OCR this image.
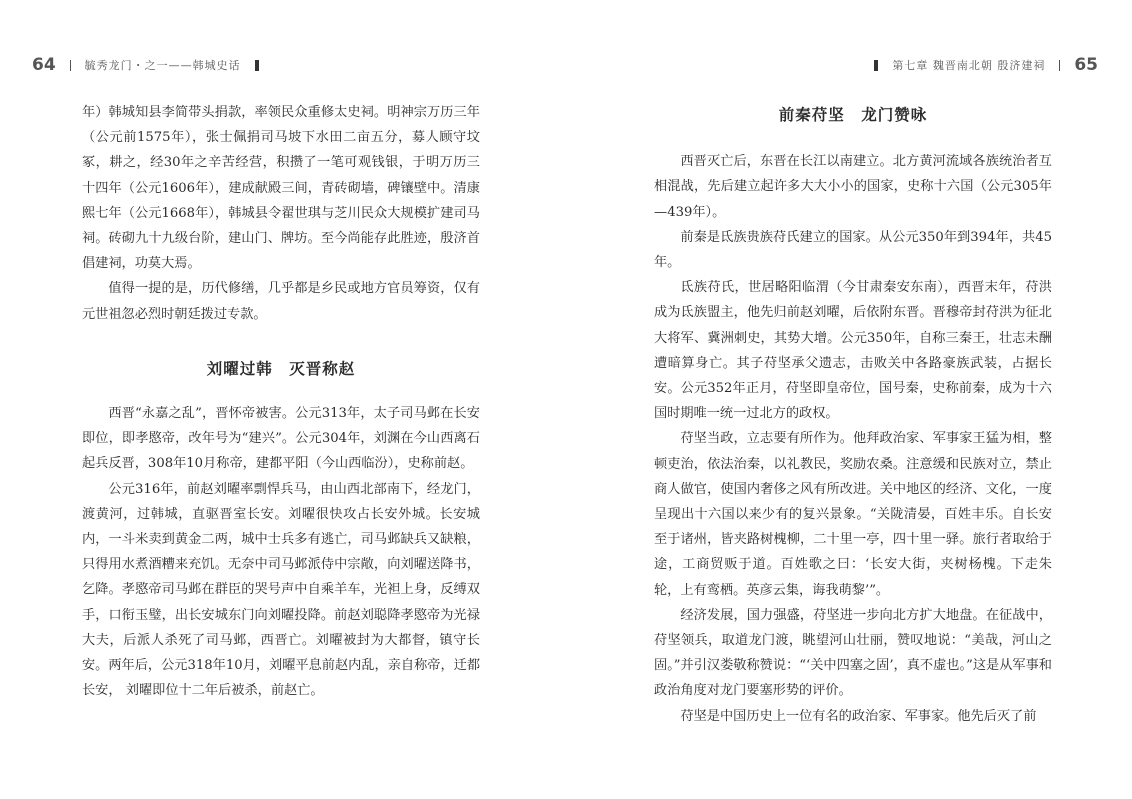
64	毓秀龙门・之一——韩城史话

年）韩城知县李简带头捐款，率领民众重修太史祠。明神宗万历三年（公元前1575年），张士佩捐司马坡下水田二亩五分，募人顾守坟冢，耕之，经30年之辛苦经营，积攒了一笔可观钱银，于明万历三十四年（公元1606年），建成献殿三间，青砖砌墙，碑镶壁中。清康熙七年（公元1668年），韩城县令翟世琪与芝川民众大规模扩建司马祠。砖砌九十九级台阶，建山门、牌坊。至今尚能存此胜迹，殷济首倡建祠，功莫大焉。

值得一提的是，历代修缮，几乎都是乡民或地方官员筹资，仅有元世祖忽必烈时朝廷拨过专款。

刘曜过韩　灭晋称赵

西晋“永嘉之乱”，晋怀帝被害。公元313年，太子司马邺在长安即位，即孝愍帝，改年号为“建兴”。公元304年，刘渊在今山西离石起兵反晋，308年10月称帝，建都平阳（今山西临汾），史称前赵。

公元316年，前赵刘曜率剽悍兵马，由山西北部南下，经龙门，渡黄河，过韩城，直驱晋室长安。刘曜很快攻占长安外城。长安城内，一斗米卖到黄金二两，城中士兵多有逃亡，司马邺缺兵又缺粮，只得用水煮酒糟来充饥。无奈中司马邺派侍中宗敞，向刘曜送降书，乞降。孝愍帝司马邺在群臣的哭号声中自乘羊车，光袒上身，反缚双手，口衔玉璧，出长安城东门向刘曜投降。前赵刘聪降孝愍帝为光禄大夫，后派人杀死了司马邺，西晋亡。刘曜被封为大都督，镇守长安。两年后，公元318年10月，刘曜平息前赵内乱，亲自称帝，迁都长安， 刘曜即位十二年后被杀，前赵亡。

第七章 魏晋南北朝 殷济建祠 65

前秦苻坚　龙门赞咏

西晋灭亡后，东晋在长江以南建立。北方黄河流域各族统治者互相混战，先后建立起许多大大小小的国家，史称十六国（公元305年—439年）。

前秦是氐族贵族苻氏建立的国家。从公元350年到394年，共45年。

氐族苻氏，世居略阳临渭（今甘肃秦安东南），西晋末年，苻洪成为氐族盟主，他先归前赵刘曜，后依附东晋。晋穆帝封苻洪为征北大将军、冀洲刺史，其势大增。公元350年，自称三秦王，壮志未酬遭暗算身亡。其子苻坚承父遗志，击败关中各路豪族武装，占据长安。公元352年正月，苻坚即皇帝位，国号秦，史称前秦，成为十六国时期唯一统一过北方的政权。

苻坚当政，立志要有所作为。他拜政治家、军事家王猛为相，整顿吏治，依法治秦，以礼教民，奖励农桑。注意缓和民族对立，禁止商人做官，使国内奢侈之风有所改进。关中地区的经济、文化，一度呈现出十六国以来少有的复兴景象。“关陇清晏，百姓丰乐。自长安至于诸州，皆夹路树槐柳，二十里一亭，四十里一驿。旅行者取给于途，工商贸贩于道。百姓歌之曰：‘长安大街，夹树杨槐。下走朱轮，上有鸾栖。英彦云集，诲我萌黎’”。

经济发展，国力强盛，苻坚进一步向北方扩大地盘。在征战中，苻坚领兵，取道龙门渡，眺望河山壮丽，赞叹地说：“美哉，河山之固。”并引汉娄敬称赞说：“‘关中四塞之固’，真不虚也。”这是从军事和政治角度对龙门要塞形势的评价。

苻坚是中国历史上一位有名的政治家、军事家。他先后灭了前
